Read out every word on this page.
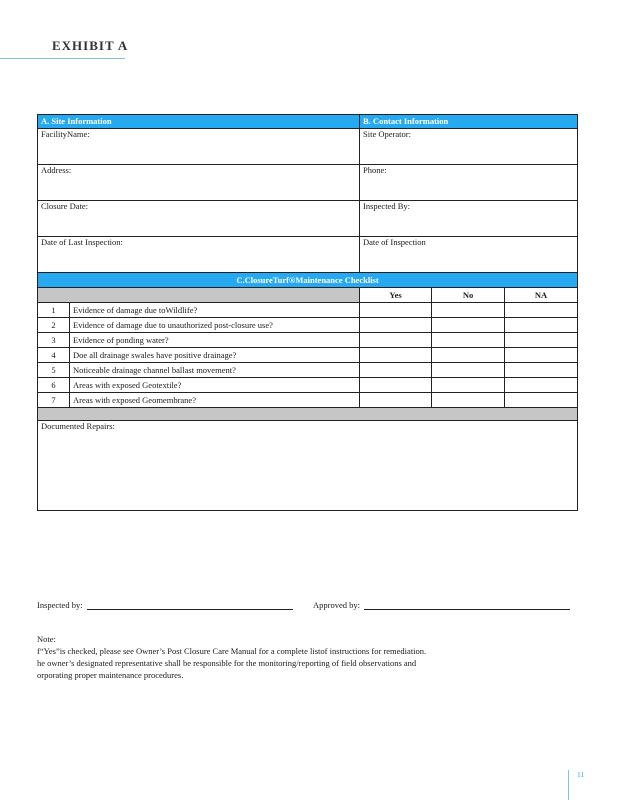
EXHIBIT A
A. Site Information		B. Contact Information		
FacilityName:		Site Operator:		
Address:		Phone:		
Closure Date:		Inspected By:		
Date of Last Inspection:		Date of Inspection		
C.ClosureTurf®Maintenance Checklist				
		Yes	No	NA
1	Evidence of damage due toWildlife?			
2	Evidence of damage due to unauthorized post-closure use?			
3	Evidence of ponding water?			
4	Doe all drainage swales have positive drainage?			
5	Noticeable drainage channel ballast movement?			
6	Areas with exposed Geotextile?			
7	Areas with exposed Geomembrane?			

Documented Repairs:				
Inspected by:	Approved by:
Note:
f“Yes”is checked, please see Owner’s Post Closure Care Manual for a complete listof instructions for remediation.
he owner’s designated representative shall be responsible for the monitoring/reporting of field observations and
orporating proper maintenance procedures.
11
